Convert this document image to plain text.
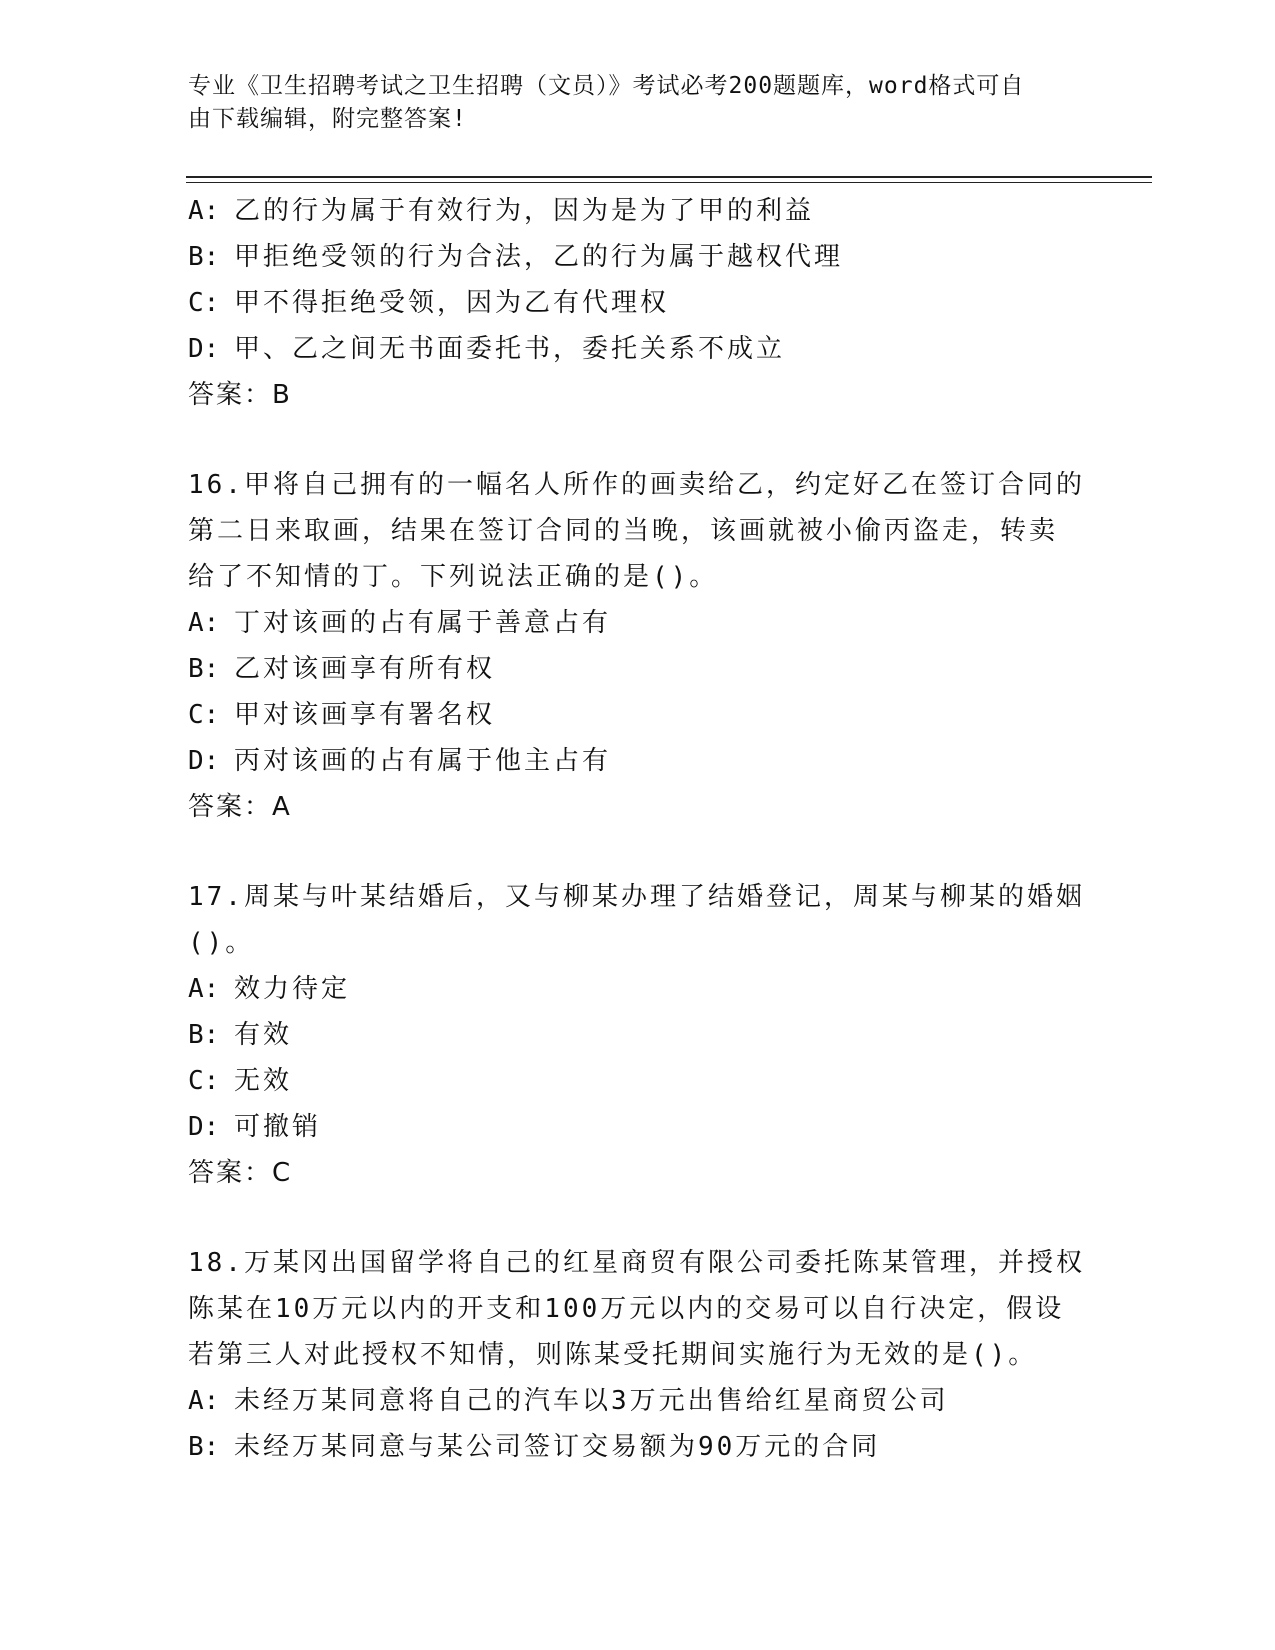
专业《卫生招聘考试之卫生招聘（文员）》考试必考200题题库，word格式可自
由下载编辑，附完整答案!
A: 乙的行为属于有效行为，因为是为了甲的利益
B: 甲拒绝受领的行为合法，乙的行为属于越权代理
C: 甲不得拒绝受领，因为乙有代理权
D: 甲、乙之间无书面委托书，委托关系不成立
答案：B
16.甲将自己拥有的一幅名人所作的画卖给乙，约定好乙在签订合同的
第二日来取画，结果在签订合同的当晚，该画就被小偷丙盗走，转卖
给了不知情的丁。下列说法正确的是()。
A: 丁对该画的占有属于善意占有
B: 乙对该画享有所有权
C: 甲对该画享有署名权
D: 丙对该画的占有属于他主占有
答案：A
17.周某与叶某结婚后，又与柳某办理了结婚登记，周某与柳某的婚姻
()。
A: 效力待定
B: 有效
C: 无效
D: 可撤销
答案：C
18.万某冈出国留学将自己的红星商贸有限公司委托陈某管理，并授权
陈某在10万元以内的开支和100万元以内的交易可以自行决定，假设
若第三人对此授权不知情，则陈某受托期间实施行为无效的是()。
A: 未经万某同意将自己的汽车以3万元出售给红星商贸公司
B: 未经万某同意与某公司签订交易额为90万元的合同
